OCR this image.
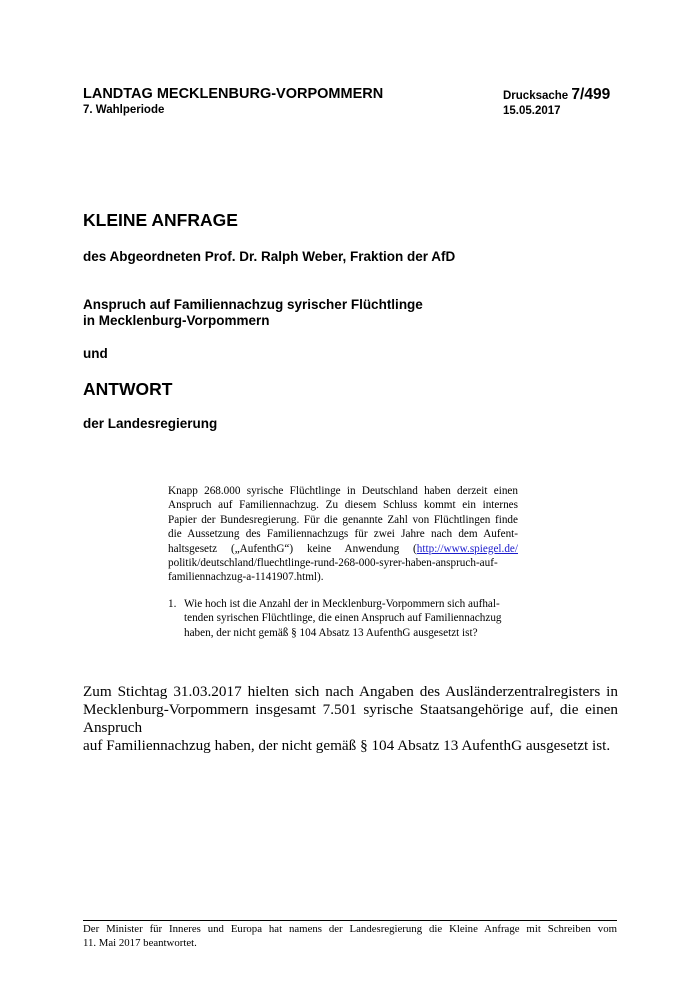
LANDTAG MECKLENBURG-VORPOMMERN
7. Wahlperiode
Drucksache 7/499
15.05.2017
KLEINE ANFRAGE
des Abgeordneten Prof. Dr. Ralph Weber, Fraktion der AfD
Anspruch auf Familiennachzug syrischer Flüchtlinge
in Mecklenburg-Vorpommern
und
ANTWORT
der Landesregierung
Knapp 268.000 syrische Flüchtlinge in Deutschland haben derzeit einen
Anspruch auf Familiennachzug. Zu diesem Schluss kommt ein internes
Papier der Bundesregierung. Für die genannte Zahl von Flüchtlingen finde
die Aussetzung des Familiennachzugs für zwei Jahre nach dem Aufent-
haltsgesetz („AufenthG“) keine Anwendung (http://www.spiegel.de/
politik/deutschland/fluechtlinge-rund-268-000-syrer-haben-anspruch-auf-
familiennachzug-a-1141907.html).
1. Wie hoch ist die Anzahl der in Mecklenburg-Vorpommern sich aufhal-
tenden syrischen Flüchtlinge, die einen Anspruch auf Familiennachzug
haben, der nicht gemäß § 104 Absatz 13 AufenthG ausgesetzt ist?
Zum Stichtag 31.03.2017 hielten sich nach Angaben des Ausländerzentralregisters in
Mecklenburg-Vorpommern insgesamt 7.501 syrische Staatsangehörige auf, die einen Anspruch
auf Familiennachzug haben, der nicht gemäß § 104 Absatz 13 AufenthG ausgesetzt ist.
Der Minister für Inneres und Europa hat namens der Landesregierung die Kleine Anfrage mit Schreiben vom
11. Mai 2017 beantwortet.
